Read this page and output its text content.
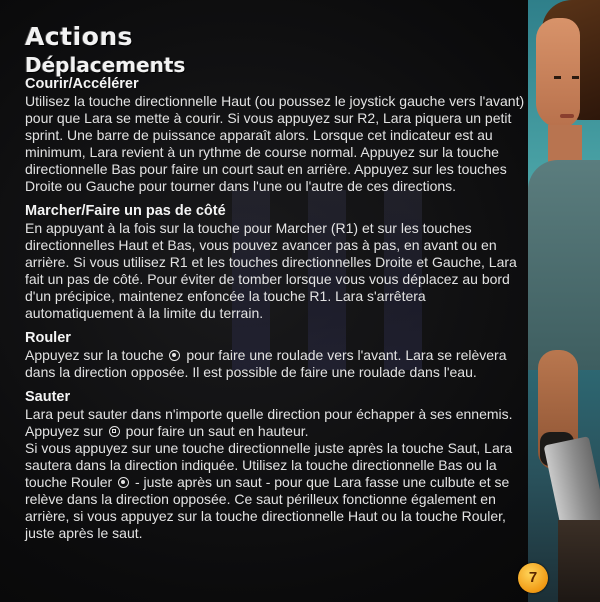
Actions
Déplacements
Courir/Accélérer

Utilisez la touche directionnelle Haut (ou poussez le joystick gauche vers l'avant) pour que Lara se mette à courir. Si vous appuyez sur R2, Lara piquera un petit sprint. Une barre de puissance apparaît alors. Lorsque cet indicateur est au minimum, Lara revient à un rythme de course normal. Appuyez sur la touche directionnelle Bas pour faire un court saut en arrière. Appuyez sur les touches Droite ou Gauche pour tourner dans l'une ou l'autre de ces directions.

Marcher/Faire un pas de côté

En appuyant à la fois sur la touche pour Marcher (R1) et sur les touches directionnelles Haut et Bas, vous pouvez avancer pas à pas, en avant ou en arrière. Si vous utilisez R1 et les touches directionnelles Droite et Gauche, Lara fait un pas de côté. Pour éviter de tomber lorsque vous vous déplacez au bord d'un précipice, maintenez enfoncée la touche R1. Lara s'arrêtera automatiquement à la limite du terrain.

Rouler

Appuyez sur la touche pour faire une roulade vers l'avant. Lara se relèvera dans la direction opposée. Il est possible de faire une roulade dans l'eau.

Sauter

Lara peut sauter dans n'importe quelle direction pour échapper à ses ennemis. Appuyez sur pour faire un saut en hauteur.

Si vous appuyez sur une touche directionnelle juste après la touche Saut, Lara sautera dans la direction indiquée. Utilisez la touche directionnelle Bas ou la touche Rouler - juste après un saut - pour que Lara fasse une culbute et se relève dans la direction opposée. Ce saut périlleux fonctionne également en arrière, si vous appuyez sur la touche directionnelle Haut ou la touche Rouler, juste après le saut.

7
